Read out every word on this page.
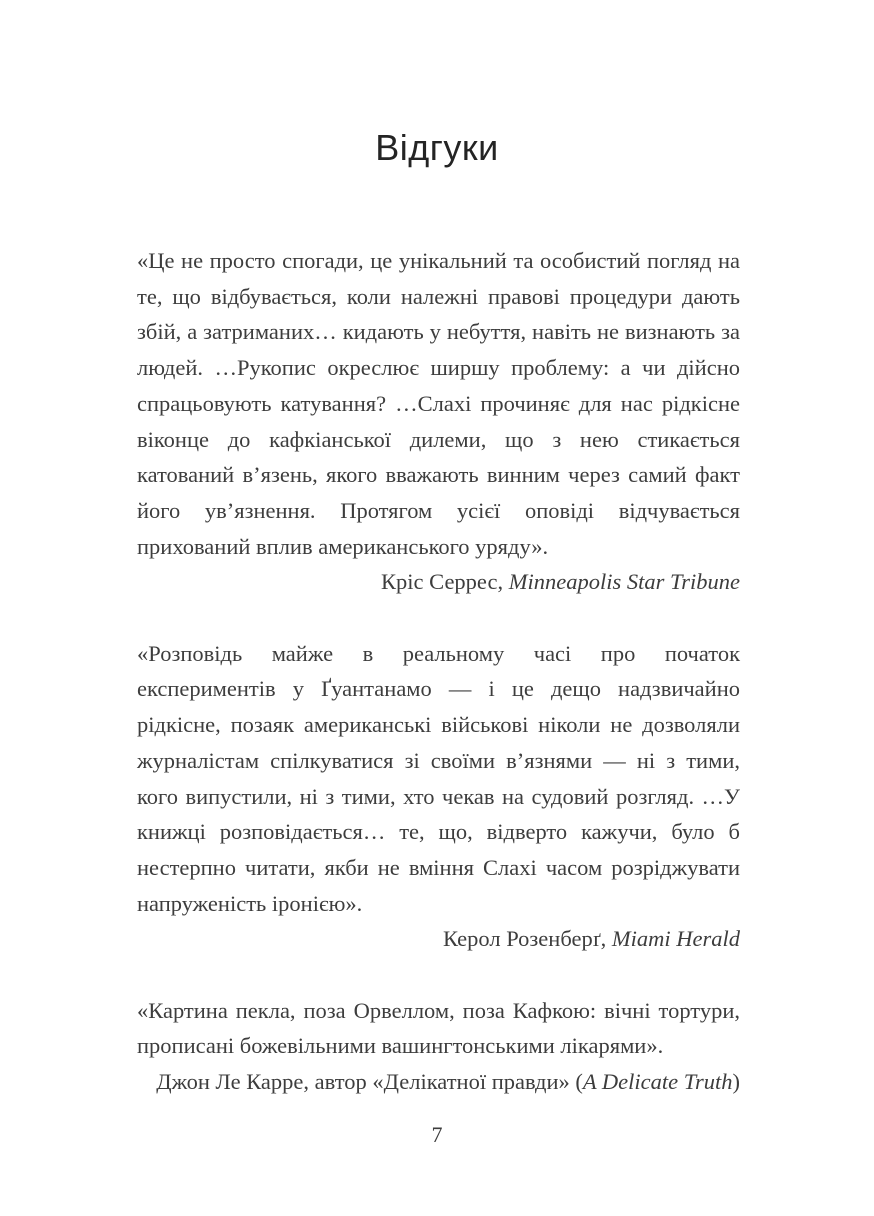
Відгуки

«Це не просто спогади, це унікальний та особистий погляд на те, що відбувається, коли належні правові процедури дають збій, а затриманих… кидають у небуття, навіть не визнають за людей. …Рукопис окреслює ширшу проблему: а чи дійсно спрацьовують катування? …Слахі прочиняє для нас рідкісне віконце до кафкіанської дилеми, що з нею стикається катований в’язень, якого вважають винним через самий факт його ув’язнення. Протягом усієї оповіді відчувається прихований вплив американського уряду».

Кріс Серрес, Minneapolis Star Tribune

«Розповідь майже в реальному часі про початок експериментів у Ґуантанамо — і це дещо надзвичайно рідкісне, позаяк американські військові ніколи не дозволяли журналістам спілкуватися зі своїми в’язнями — ні з тими, кого випустили, ні з тими, хто чекав на судовий розгляд. …У книжці розповідається… те, що, відверто кажучи, було б нестерпно читати, якби не вміння Слахі часом розріджувати напруженість іронією».

Керол Розенберґ, Miami Herald

«Картина пекла, поза Орвеллом, поза Кафкою: вічні тортури, прописані божевільними вашингтонськими лікарями».

Джон Ле Карре, автор «Делікатної правди» (A Delicate Truth)

7
